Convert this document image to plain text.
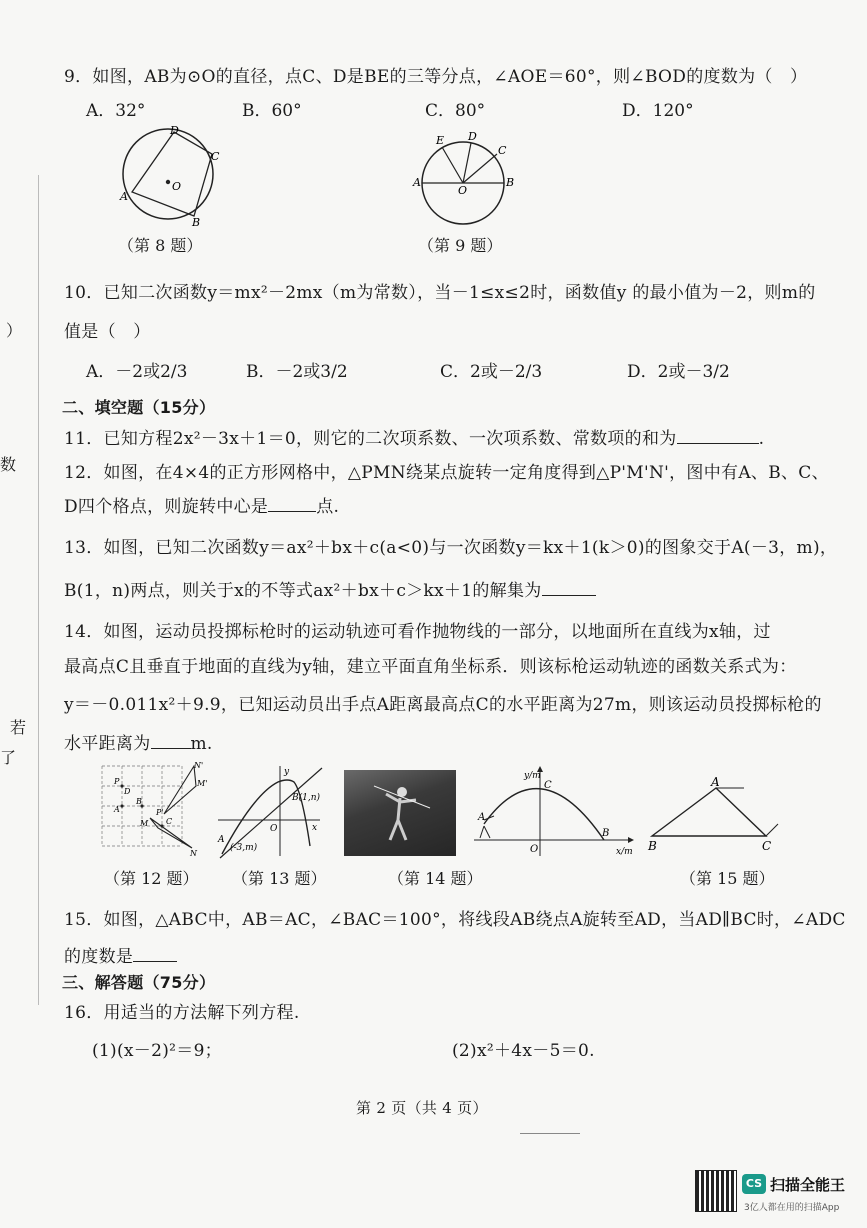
）
数
若
了
9．如图，AB为⊙O的直径，点C、D是BE的三等分点，∠AOE＝60°，则∠BOD的度数为（　）
A．32°	B．60°	C．80°	D．120°
D
C
O
A
B
（第 8 题）
E D
C
A
O
B
（第 9 题）
10．已知二次函数y＝mx²－2mx（m为常数），当－1≤x≤2时，函数值y 的最小值为－2，则m的
值是（　）
A．－2或2/3	B．－2或3/2	C．2或－2/3	D．2或－3/2
二、填空题（15分）
11．已知方程2x²－3x＋1＝0，则它的二次项系数、一次项系数、常数项的和为	.
12．如图，在4×4的正方形网格中，△PMN绕某点旋转一定角度得到△P'M'N'，图中有A、B、C、
D四个格点，则旋转中心是	点.
13．如图，已知二次函数y＝ax²＋bx＋c(a<0)与一次函数y＝kx＋1(k＞0)的图象交于A(－3，m)，
B(1，n)两点，则关于x的不等式ax²＋bx＋c＞kx＋1的解集为
14．如图，运动员投掷标枪时的运动轨迹可看作抛物线的一部分，以地面所在直线为x轴，过
最高点C且垂直于地面的直线为y轴，建立平面直角坐标系．则该标枪运动轨迹的函数关系式为：
y＝－0.011x²＋9.9，已知运动员出手点A距离最高点C的水平距离为27m，则该运动员投掷标枪的
水平距离为 m.
N'
P	M'
P'
B
A
D
C
M
N
（第 12 题）
y
B(1,n)
A
(-3,m)
O	x
（第 13 题）	（第 14 题）
y/m
C
A
O
B
x/m
A
B	C
（第 15 题）
15．如图，△ABC中，AB＝AC，∠BAC＝100°，将线段AB绕点A旋转至AD，当AD∥BC时，∠ADC
的度数是
三、解答题（75分）
16．用适当的方法解下列方程.
(1)(x－2)²＝9；	(2)x²＋4x－5＝0.
第 2 页（共 4 页）
CS 扫描全能王
3亿人都在用的扫描App
